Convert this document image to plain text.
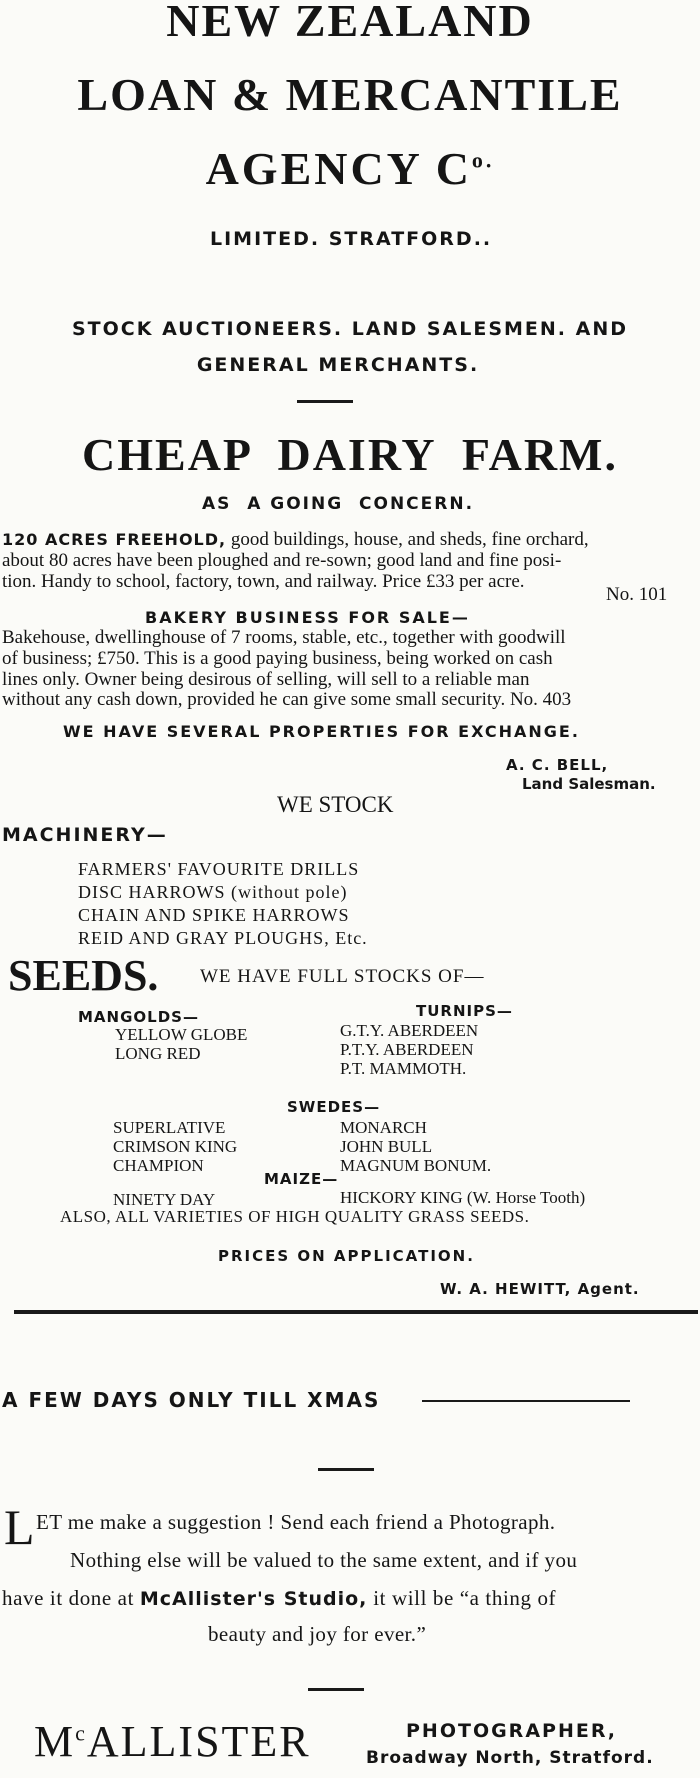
NEW ZEALAND
LOAN & MERCANTILE
AGENCY $C^{o.}$
LIMITED. STRATFORD..
STOCK AUCTIONEERS. LAND SALESMEN. AND
GENERAL MERCHANTS.
CHEAP  DAIRY  FARM.
AS  A GOING  CONCERN.
120 ACRES FREEHOLD, good buildings, house, and sheds, fine orchard,
about 80 acres have been ploughed and re-sown; good land and fine posi-
tion. Handy to school, factory, town, and railway. Price £33 per acre.
No. 101
BAKERY BUSINESS FOR SALE—
Bakehouse, dwellinghouse of 7 rooms, stable, etc., together with goodwill
of business; £750. This is a good paying business, being worked on cash
lines only. Owner being desirous of selling, will sell to a reliable man
without any cash down, provided he can give some small security. No. 403
WE HAVE SEVERAL PROPERTIES FOR EXCHANGE.
A. C. BELL,
Land Salesman.
WE STOCK
MACHINERY—
FARMERS' FAVOURITE DRILLS
DISC HARROWS (without pole)
CHAIN AND SPIKE HARROWS
REID AND GRAY PLOUGHS, Etc.
SEEDS. WE HAVE FULL STOCKS OF—
MANGOLDS—
YELLOW GLOBE
LONG RED
TURNIPS—
G.T.Y. ABERDEEN
P.T.Y. ABERDEEN
P.T. MAMMOTH.
SWEDES—
SUPERLATIVE
CRIMSON KING
CHAMPION
MONARCH
JOHN BULL
MAGNUM BONUM.
MAIZE—
NINETY DAY	HICKORY KING (W. Horse Tooth)
ALSO, ALL VARIETIES OF HIGH QUALITY GRASS SEEDS.
PRICES ON APPLICATION.
W. A. HEWITT, Agent.
A FEW DAYS ONLY TILL XMAS
L ET me make a suggestion ! Send each friend a Photograph.
Nothing else will be valued to the same extent, and if you
have it done at McAllister's Studio, it will be “a thing of
beauty and joy for ever.”
$M^cALLISTER$	PHOTOGRAPHER,
Broadway North, Stratford.
